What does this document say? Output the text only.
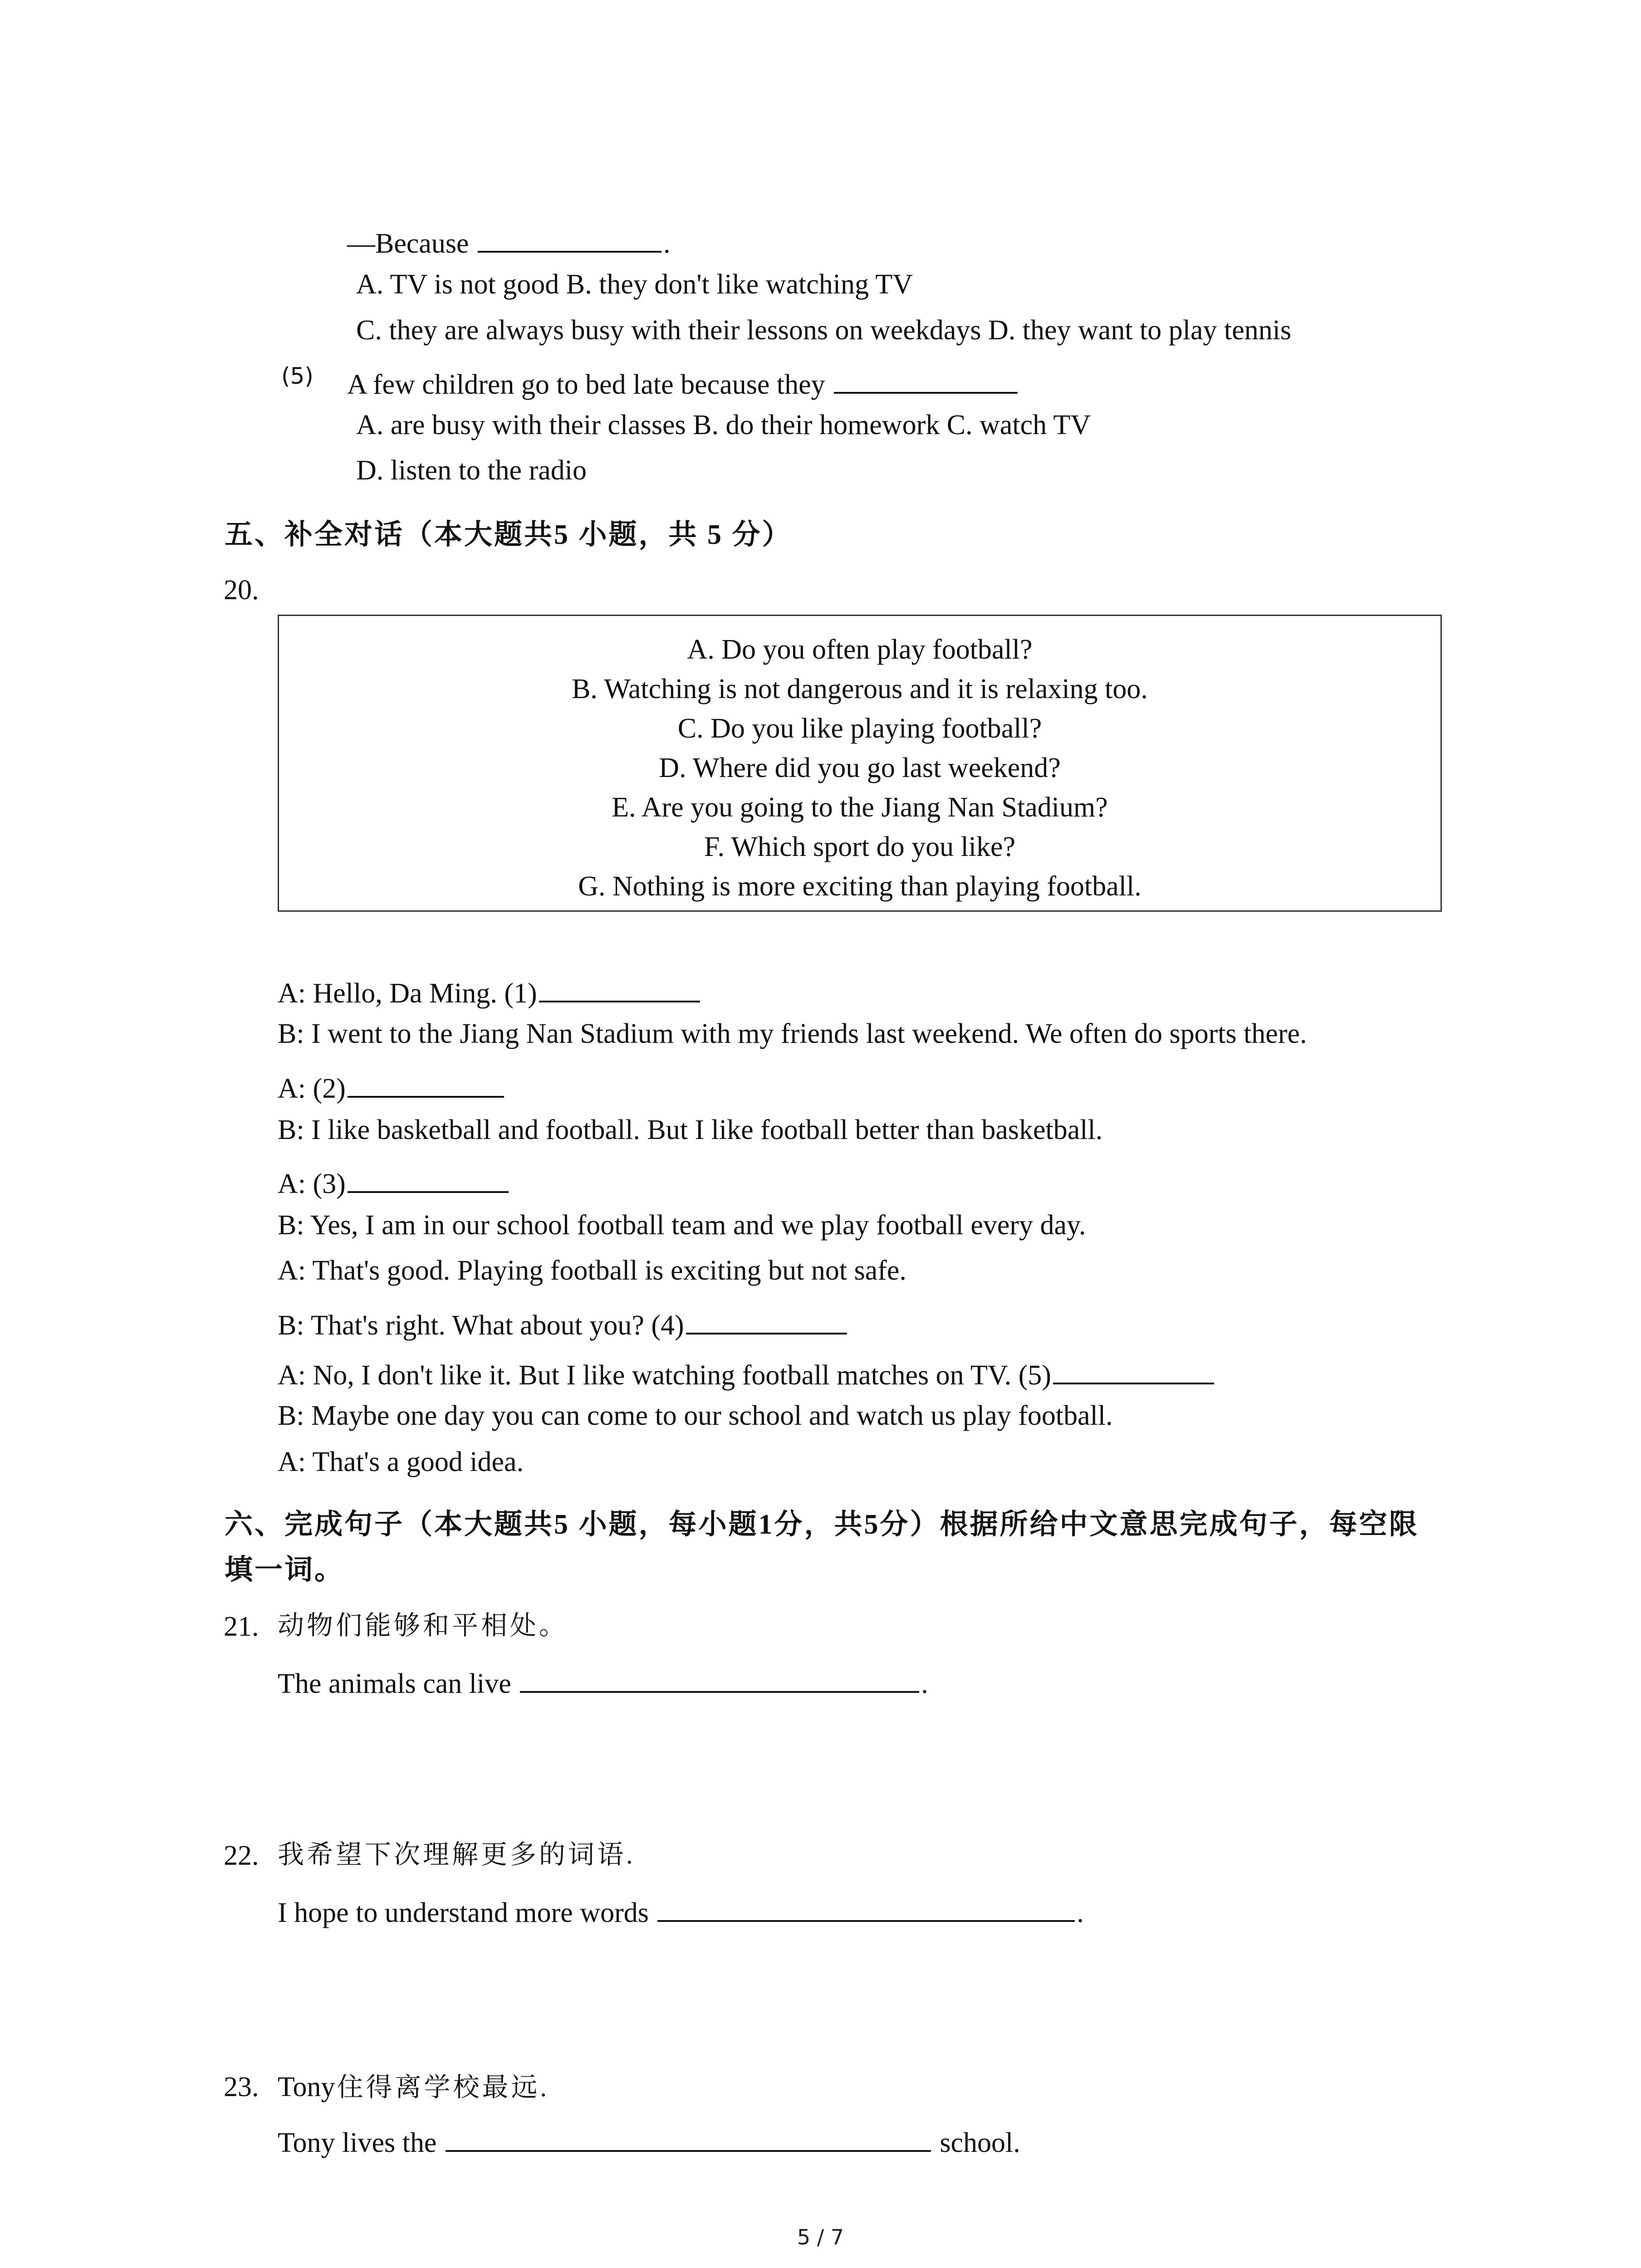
—Because	.
A. TV is not good B. they don't like watching TV
C. they are always busy with their lessons on weekdays D. they want to play tennis
(5) A few children go to bed late because they
A. are busy with their classes B. do their homework C. watch TV
D. listen to the radio
五、补全对话（本大题共5 小题，共 5 分）
20.
A. Do you often play football?
B. Watching is not dangerous and it is relaxing too.
C. Do you like playing football?
D. Where did you go last weekend?
E. Are you going to the Jiang Nan Stadium?
F. Which sport do you like?
G. Nothing is more exciting than playing football.
A: Hello, Da Ming. (1)
B: I went to the Jiang Nan Stadium with my friends last weekend. We often do sports there.
A: (2)
B: I like basketball and football. But I like football better than basketball.
A: (3)
B: Yes, I am in our school football team and we play football every day.
A: That's good. Playing football is exciting but not safe.
B: That's right. What about you? (4)
A: No, I don't like it. But I like watching football matches on TV. (5)
B: Maybe one day you can come to our school and watch us play football.
A: That's a good idea.
六、完成句子（本大题共5 小题，每小题1分，共5分）根据所给中文意思完成句子，每空限
填一词。
21. 动物们能够和平相处。
The animals can live	.
22. 我希望下次理解更多的词语.
I hope to understand more words	.
23. Tony 住得离学校最远.
Tony lives the	school.
5 / 7
